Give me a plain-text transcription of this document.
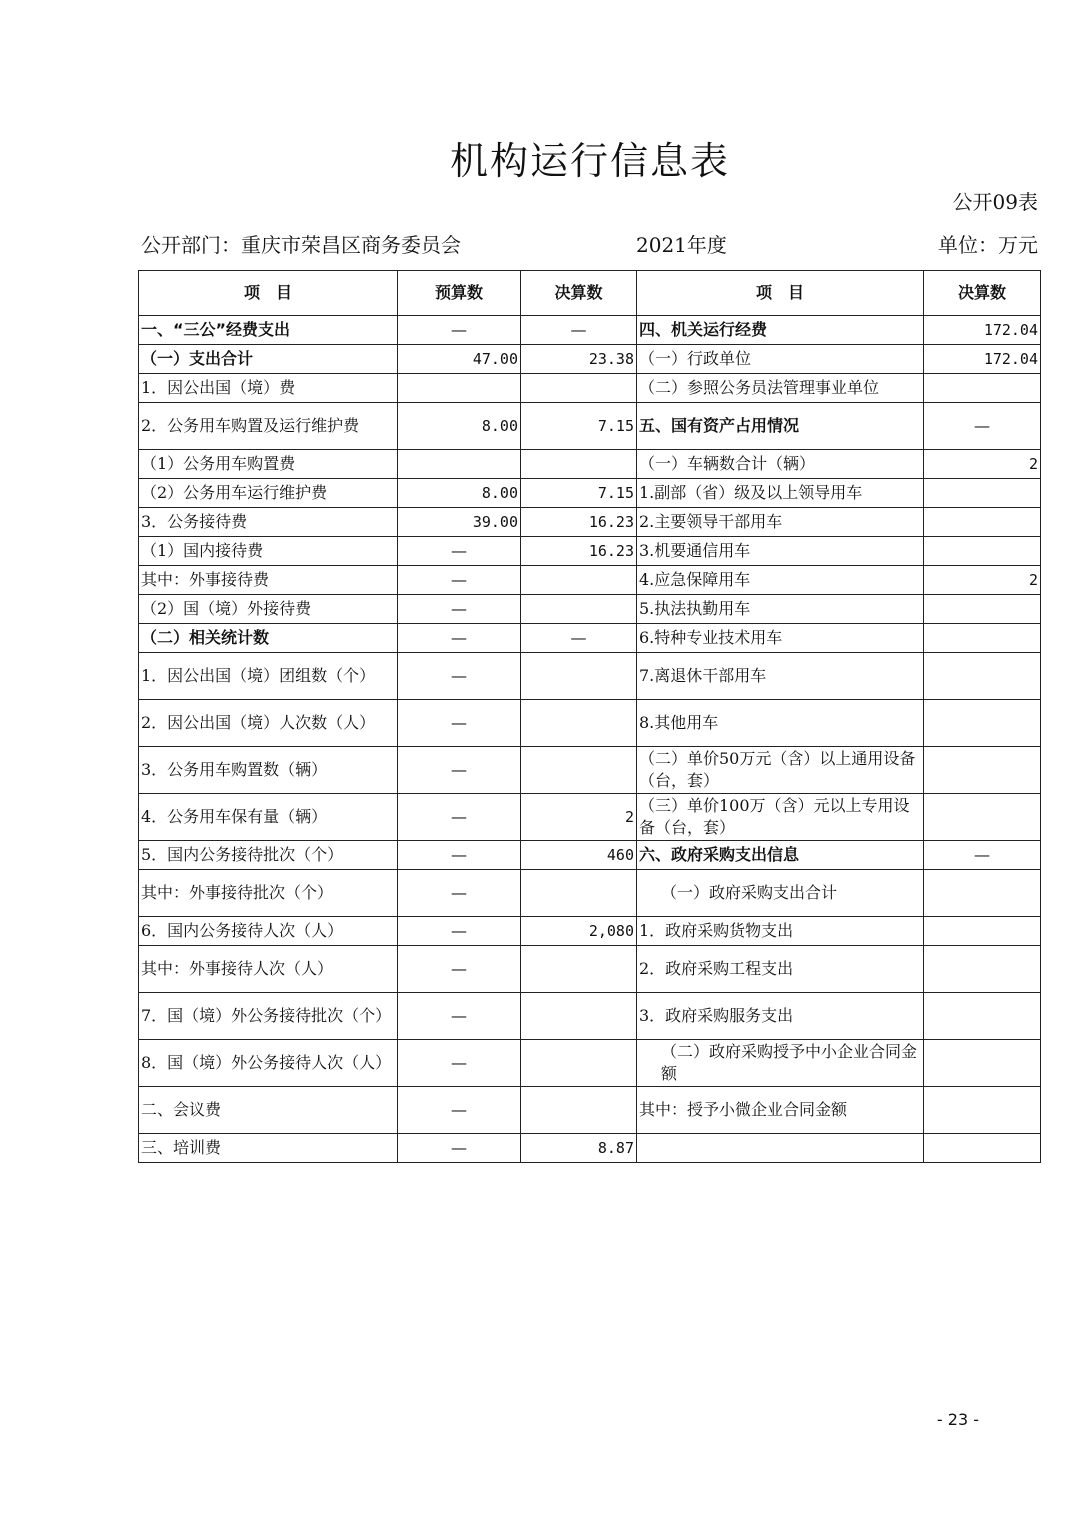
机构运行信息表
公开09表
公开部门：重庆市荣昌区商务委员会	2021年度	单位：万元
项　目	预算数	决算数	项　目	决算数
一、“三公”经费支出	—	—	四、机关运行经费	172.04
（一）支出合计	47.00	23.38	（一）行政单位	172.04
1．因公出国（境）费			（二）参照公务员法管理事业单位	
2．公务用车购置及运行维护费	8.00	7.15	五、国有资产占用情况	—
（1）公务用车购置费			（一）车辆数合计（辆）	2
（2）公务用车运行维护费	8.00	7.15	1.副部（省）级及以上领导用车	
3．公务接待费	39.00	16.23	2.主要领导干部用车	
（1）国内接待费	—	16.23	3.机要通信用车	
其中：外事接待费	—		4.应急保障用车	2
（2）国（境）外接待费	—		5.执法执勤用车	
（二）相关统计数	—	—	6.特种专业技术用车	
1．因公出国（境）团组数（个）	—		7.离退休干部用车	
2．因公出国（境）人次数（人）	—		8.其他用车	
3．公务用车购置数（辆）	—		（二）单价50万元（含）以上通用设备（台，套）	
4．公务用车保有量（辆）	—	2	（三）单价100万（含）元以上专用设备（台，套）	
5．国内公务接待批次（个）	—	460	六、政府采购支出信息	—
其中：外事接待批次（个）	—		（一）政府采购支出合计	
6．国内公务接待人次（人）	—	2,080	1．政府采购货物支出	
其中：外事接待人次（人）	—		2．政府采购工程支出	
7．国（境）外公务接待批次（个）	—		3．政府采购服务支出	
8．国（境）外公务接待人次（人）	—		（二）政府采购授予中小企业合同金额	
二、会议费	—		其中：授予小微企业合同金额	
三、培训费	—	8.87		
- 23 -
